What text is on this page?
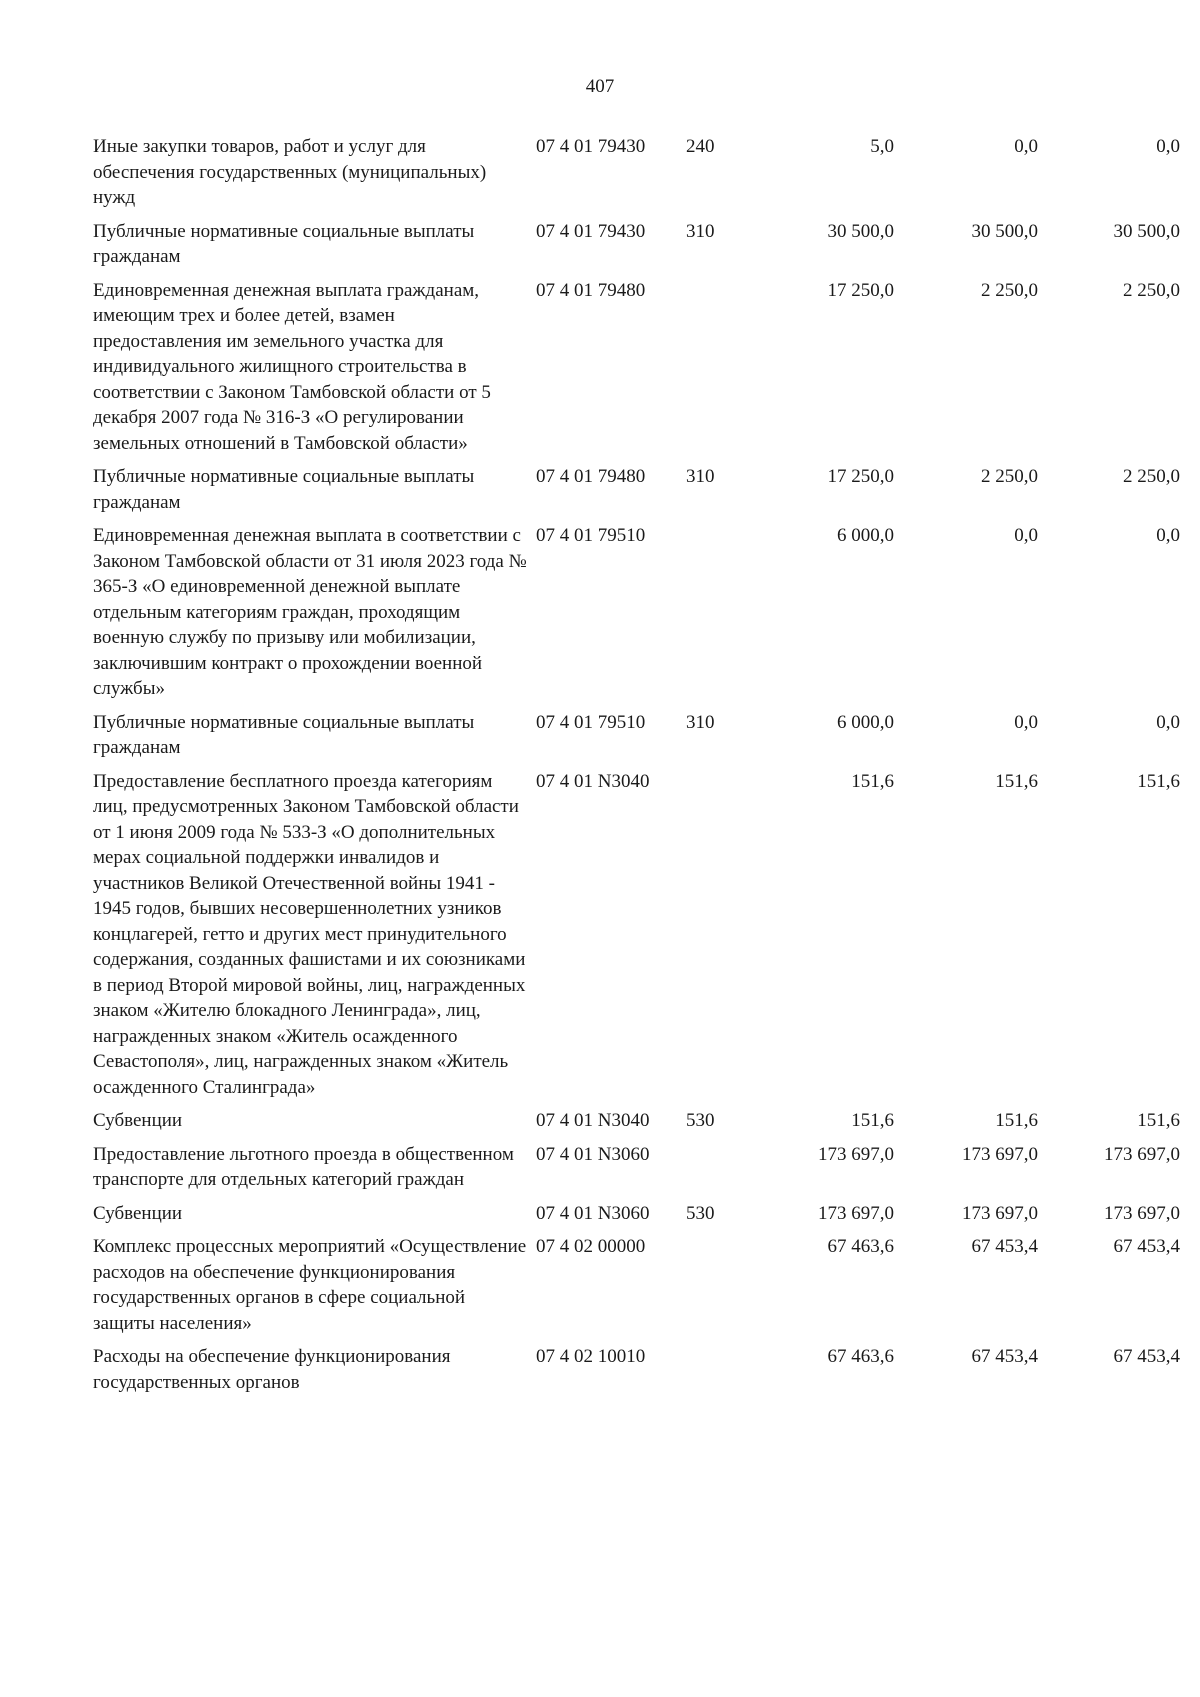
407
Иные закупки товаров, работ и услуг для обеспечения государственных (муниципальных) нужд	07 4 01 79430	240	5,0	0,0	0,0
Публичные нормативные социальные выплаты гражданам	07 4 01 79430	310	30 500,0	30 500,0	30 500,0
Единовременная денежная выплата гражданам, имеющим трех и более детей, взамен предоставления им земельного участка для индивидуального жилищного строительства в соответствии с Законом Тамбовской области от 5 декабря 2007 года № 316-З «О регулировании земельных отношений в Тамбовской области»	07 4 01 79480		17 250,0	2 250,0	2 250,0
Публичные нормативные социальные выплаты гражданам	07 4 01 79480	310	17 250,0	2 250,0	2 250,0
Единовременная денежная выплата в соответствии с Законом Тамбовской области от 31 июля 2023 года № 365-З «О единовременной денежной выплате отдельным категориям граждан, проходящим военную службу по призыву или мобилизации, заключившим контракт о прохождении военной службы»	07 4 01 79510		6 000,0	0,0	0,0
Публичные нормативные социальные выплаты гражданам	07 4 01 79510	310	6 000,0	0,0	0,0
Предоставление бесплатного проезда категориям лиц, предусмотренных Законом Тамбовской области от 1 июня 2009 года № 533-З «О дополнительных мерах социальной поддержки инвалидов и участников Великой Отечественной войны 1941 - 1945 годов, бывших несовершеннолетних узников концлагерей, гетто и других мест принудительного содержания, созданных фашистами и их союзниками в период Второй мировой войны, лиц, награжденных знаком «Жителю блокадного Ленинграда», лиц, награжденных знаком «Житель осажденного Севастополя», лиц, награжденных знаком «Житель осажденного Сталинграда»	07 4 01 N3040		151,6	151,6	151,6
Субвенции	07 4 01 N3040	530	151,6	151,6	151,6
Предоставление льготного проезда в общественном транспорте для отдельных категорий граждан	07 4 01 N3060		173 697,0	173 697,0	173 697,0
Субвенции	07 4 01 N3060	530	173 697,0	173 697,0	173 697,0
Комплекс процессных мероприятий «Осуществление расходов на обеспечение функционирования государственных органов в сфере социальной защиты населения»	07 4 02 00000		67 463,6	67 453,4	67 453,4
Расходы на обеспечение функционирования государственных органов	07 4 02 10010		67 463,6	67 453,4	67 453,4
